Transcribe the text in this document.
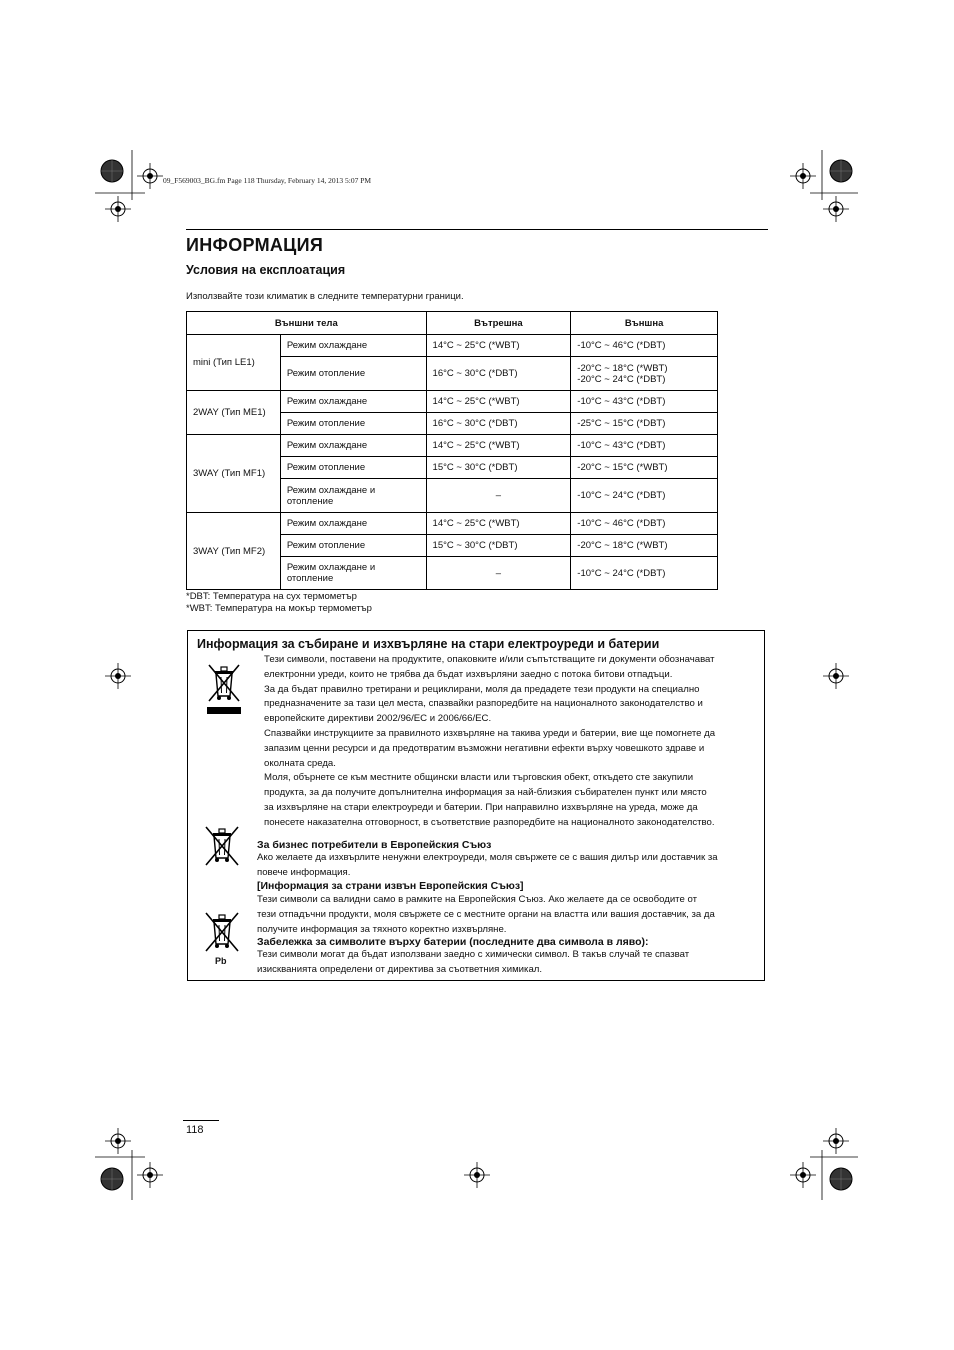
09_F569003_BG.fm Page 118 Thursday, February 14, 2013 5:07 PM
ИНФОРМАЦИЯ
Условия на експлоатация
Използвайте този климатик в следните температурни граници.
Външни тела		Вътрешна	Външна
mini (Тип LE1)	Режим охлаждане	14°C ~ 25°C (*WBT)	-10°C ~ 46°C (*DBT)
	Режим отопление	16°C ~ 30°C (*DBT)	-20°C ~ 18°C (*WBT)
-20°C ~ 24°C (*DBT)

2WAY (Тип ME1)	Режим охлаждане	14°C ~ 25°C (*WBT)	-10°C ~ 43°C (*DBT)
	Режим отопление	16°C ~ 30°C (*DBT)	-25°C ~ 15°C (*DBT)
3WAY (Тип MF1)	Режим охлаждане	14°C ~ 25°C (*WBT)	-10°C ~ 43°C (*DBT)
	Режим отопление	15°C ~ 30°C (*DBT)	-20°C ~ 15°C (*WBT)

	Режим охлаждане и
отопление	–	-10°C ~ 24°C (*DBT)
3WAY (Тип MF2)	Режим охлаждане	14°C ~ 25°C (*WBT)	-10°C ~ 46°C (*DBT)
	Режим отопление	15°C ~ 30°C (*DBT)	-20°C ~ 18°C (*WBT)

	Режим охлаждане и
отопление	–	-10°C ~ 24°C (*DBT)
*DBT: Температура на сух термометър
*WBT: Температура на мокър термометър
Информация за събиране и изхвърляне на стари електроуреди и батерии
Pb
Тези символи, поставени на продуктите, опаковките и/или съпътстващите ги документи обозначават
електронни уреди, които не трябва да бъдат изхвърляни заедно с потока битови отпадъци.
За да бъдат правилно третирани и рециклирани, моля да предадете тези продукти на специално
предназначените за тази цел места, спазвайки разпоредбите на националното законодателство и
европейските директиви 2002/96/ЕС и 2006/66/ЕС.
Спазвайки инструкциите за правилното изхвърляне на такива уреди и батерии, вие ще помогнете да
запазим ценни ресурси и да предотвратим възможни негативни ефекти върху човешкото здраве и
околната среда.
Моля, обърнете се към местните общински власти или търговския обект, откъдето сте закупили
продукта, за да получите допълнителна информация за най-близкия събирателен пункт или място
за изхвърляне на стари електроуреди и батерии. При направилно изхвърляне на уреда, може да
понесете наказателна отговорност, в съответствие разпоредбите на националното законодателство.
За бизнес потребители в Европейския Съюз
Ако желаете да изхвърлите ненужни електроуреди, моля свържете се с вашия дилър или доставчик за
повече информация.
[Информация за страни извън Европейския Съюз]
Тези символи са валидни само в рамките на Европейския Съюз. Ако желаете да се освободите от
тези отпадъчни продукти, моля свържете се с местните органи на властта или вашия доставчик, за да
получите информация за тяхното коректно изхвърляне.
Забележка за символите върху батерии (последните два символа в ляво):
Тези символи могат да бъдат използвани заедно с химически символ. В такъв случай те спазват
изискванията определени от директива за съответния химикал.
118
